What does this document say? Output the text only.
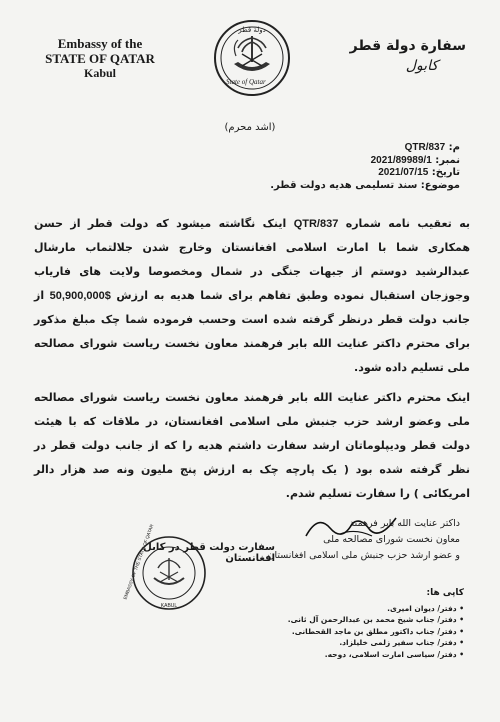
Embassy of the
STATE OF QATAR
Kabul
State of Qatar
دولة قطر
سفارة دولة قطر
كابول
(اشد محرم)
م: QTR/837
نمبر: 2021/89989/1
تاریخ: 2021/07/15
موضوع: سند تسلیمی هدیه دولت قطر.

به تعقیب نامه شماره QTR/837 اینک نگاشته میشود که دولت قطر از حسن همکاری شما با امارت اسلامی افغانستان وخارج شدن جلالتماب مارشال عبدالرشید دوستم از جبهات جنگی در شمال ومخصوصا ولایت های فاریاب وجوزجان استقبال نموده وطبق تفاهم برای شما هدیه به ارزش 50,900,000$ از جانب دولت قطر درنظر گرفته شده است وحسب فرموده شما چک مبلغ مذکور برای محترم داکتر عنایت الله بابر فرهمند معاون نخست ریاست شورای مصالحه ملی تسلیم داده شود.

اینک محترم داکتر عنایت الله بابر فرهمند معاون نخست ریاست شورای مصالحه ملی وعضو ارشد حزب جنبش ملی اسلامی افغانستان، در ملاقات که با هیئت دولت قطر ودیپلوماتان ارشد سفارت داشتم هدیه را که از جانب دولت قطر در نظر گرفته شده بود ( یک پارچه چک به ارزش پنج ملیون ونه صد هزار دالر امریکائی ) را سفارت تسلیم شدم.

داکتر عنایت الله بابر فرهمند
معاون نخست شورای مصالحه ملی
و عضو ارشد حزب جنبش ملی اسلامی افغانستان
سفارت دولت قطر در کابل افغانستان
EMBASSY OF THE STATE OF QATAR
KABUL
کاپی ها:
• دفتر/ دیوان امیری.
• دفتر/ جناب شیخ محمد بن عبدالرحمن آل ثانی.
• دفتر/ جناب داکتور مطلق بن ماجد القحطانی.
• دفتر/ جناب سفیر زلمی خلیلزاد.
• دفتر/ سیاسی امارت اسلامی، دوحه.
